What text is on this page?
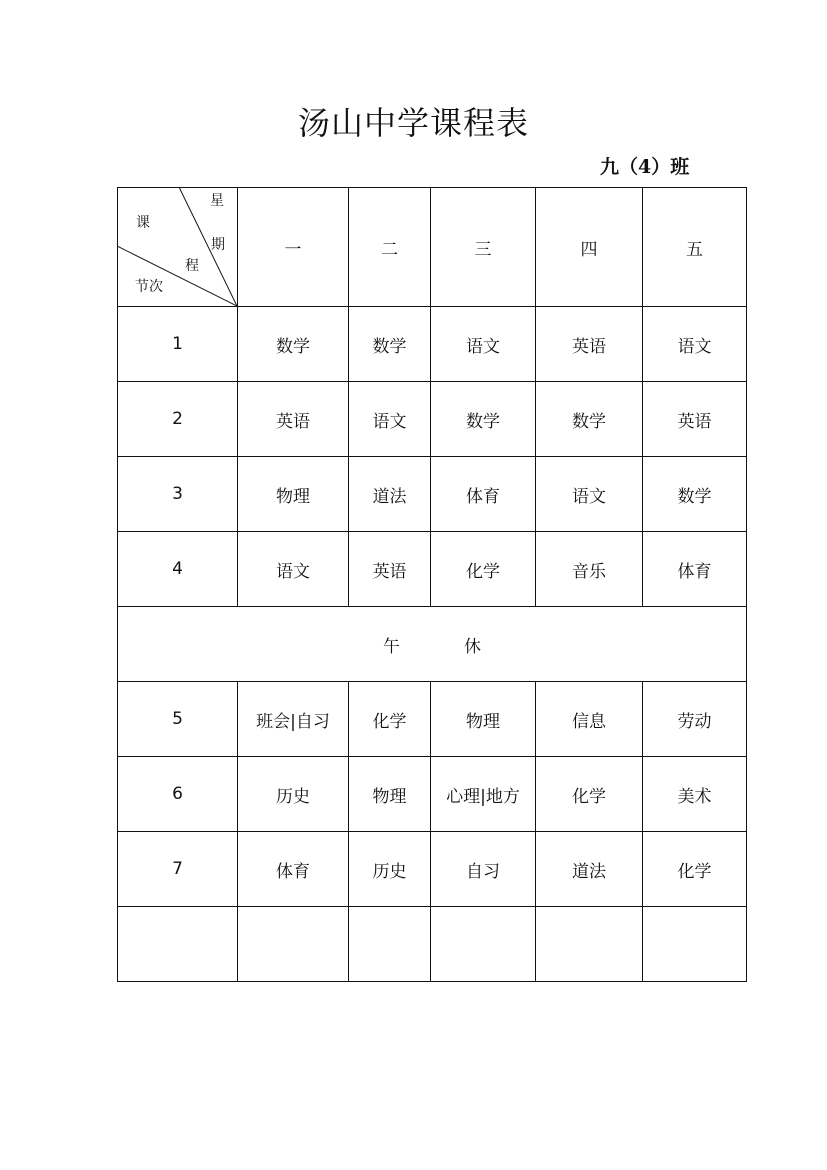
汤山中学课程表
九（4）班
星
课
期
程
节次	一	二	三	四	五
1	数学	数学	语文	英语	语文
2	英语	语文	数学	数学	英语
3	物理	道法	体育	语文	数学
4	语文	英语	化学	音乐	体育

午 休					

5	班会|自习	化学	物理	信息	劳动
6	历史	物理	心理|地方	化学	美术
7	体育	历史	自习	道法	化学
